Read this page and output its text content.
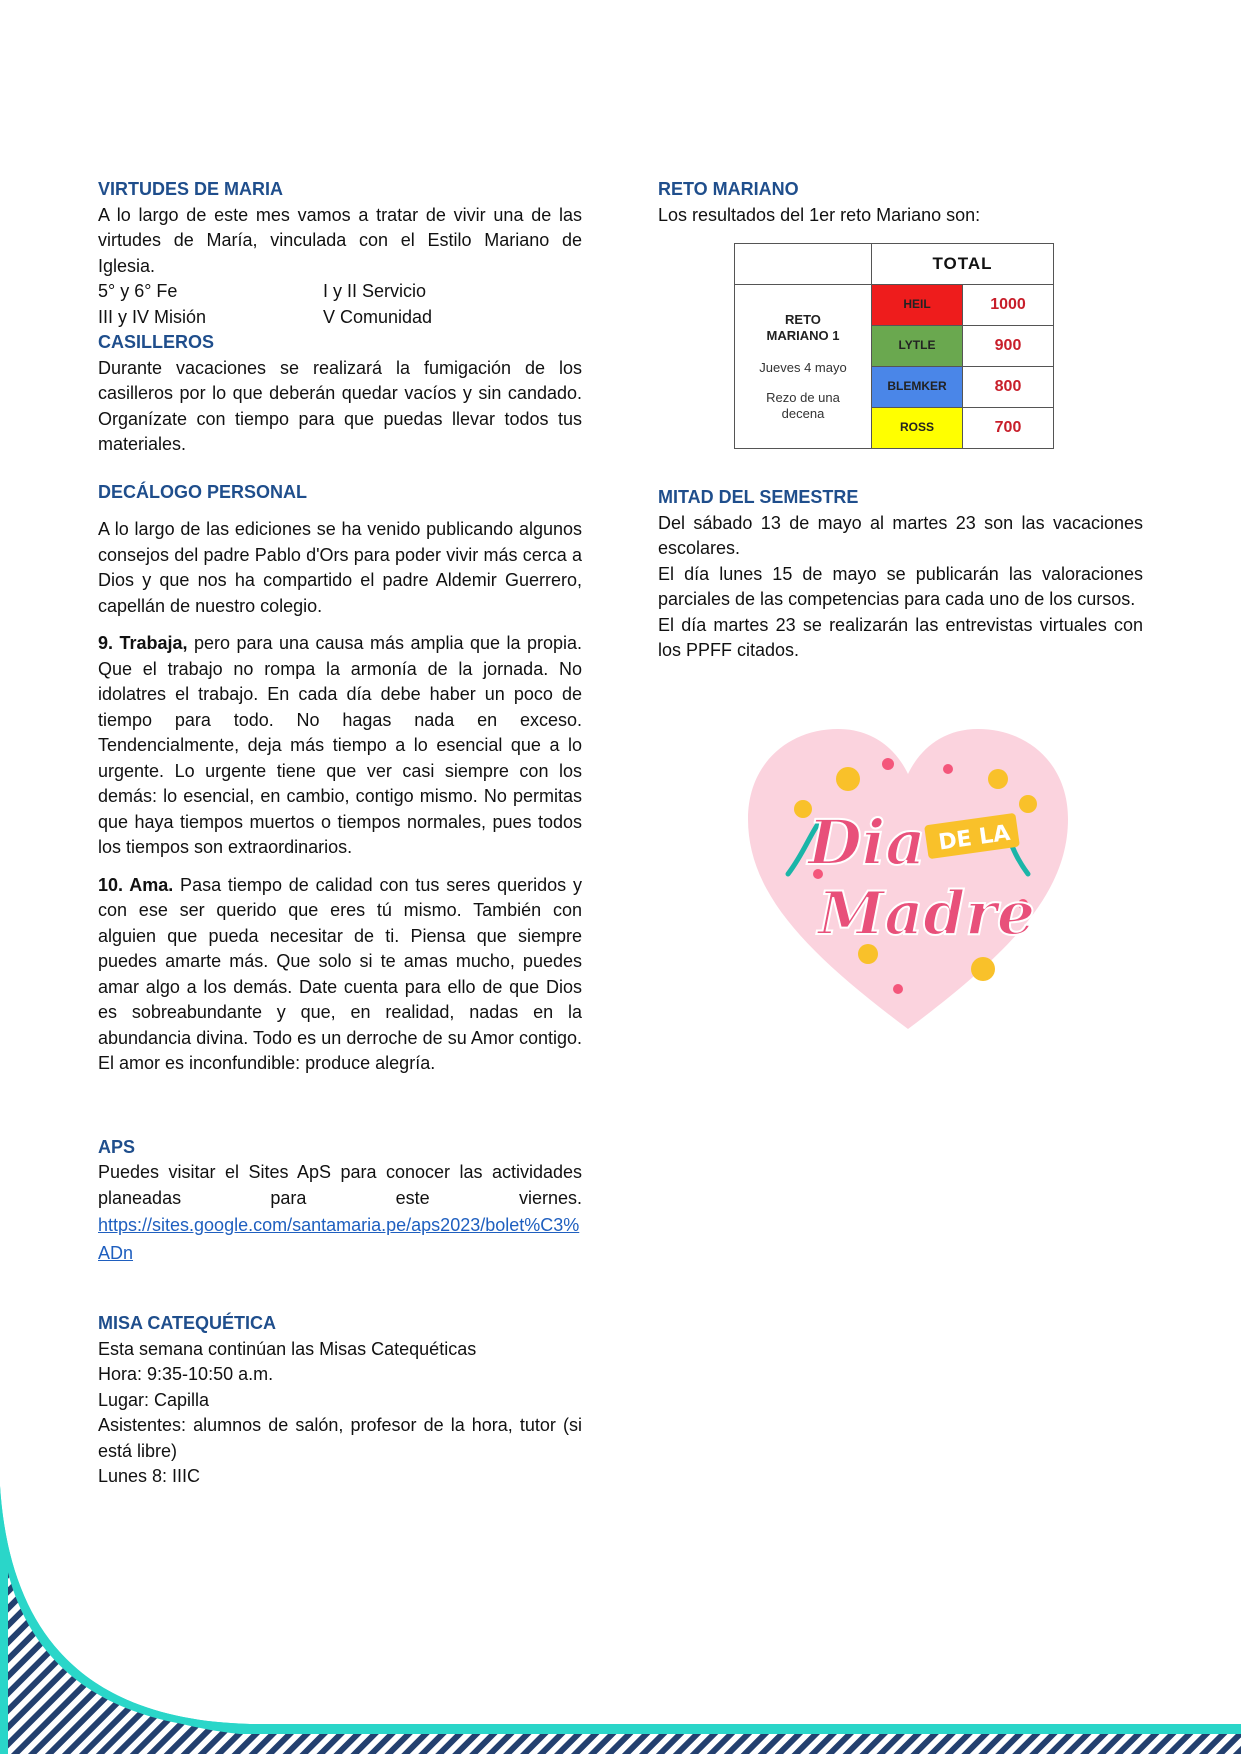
VIRTUDES DE MARIA

A lo largo de este mes vamos a tratar de vivir una de las virtudes de María, vinculada con el Estilo Mariano de Iglesia.

5° y 6° Fe	I y II Servicio
III y IV Misión	V Comunidad
CASILLEROS

Durante vacaciones se realizará la fumigación de los casilleros por lo que deberán quedar vacíos y sin candado. Organízate con tiempo para que puedas llevar todos tus materiales.

DECÁLOGO PERSONAL

A lo largo de las ediciones se ha venido publicando algunos consejos del padre Pablo d'Ors para poder vivir más cerca a Dios y que nos ha compartido el padre Aldemir Guerrero, capellán de nuestro colegio.

9. Trabaja, pero para una causa más amplia que la propia. Que el trabajo no rompa la armonía de la jornada. No idolatres el trabajo. En cada día debe haber un poco de tiempo para todo. No hagas nada en exceso. Tendencialmente, deja más tiempo a lo esencial que a lo urgente. Lo urgente tiene que ver casi siempre con los demás: lo esencial, en cambio, contigo mismo. No permitas que haya tiempos muertos o tiempos normales, pues todos los tiempos son extraordinarios.

10. Ama. Pasa tiempo de calidad con tus seres queridos y con ese ser querido que eres tú mismo. También con alguien que pueda necesitar de ti. Piensa que siempre puedes amarte más. Que solo si te amas mucho, puedes amar algo a los demás. Date cuenta para ello de que Dios es sobreabundante y que, en realidad, nadas en la abundancia divina. Todo es un derroche de su Amor contigo. El amor es inconfundible: produce alegría.

APS

Puedes visitar el Sites ApS para conocer las actividades planeadas para este viernes.

https://sites.google.com/santamaria.pe/aps2023/bolet%C3%ADn
MISA CATEQUÉTICA

Esta semana continúan las Misas Catequéticas

Hora: 9:35-10:50 a.m.

Lugar: Capilla

Asistentes: alumnos de salón, profesor de la hora, tutor (si está libre)

Lunes 8: IIIC

RETO MARIANO

Los resultados del 1er reto Mariano son:

	TOTAL	

RETO MARIANO 1
Jueves 4 mayo
Rezo de una decena	HEIL	1000
	LYTLE	900
	BLEMKER	800
	ROSS	700
MITAD DEL SEMESTRE

Del sábado 13 de mayo al martes 23 son las vacaciones escolares.

El día lunes 15 de mayo se publicarán las valoraciones parciales de las competencias para cada uno de los cursos.

El día martes 23 se realizarán las entrevistas virtuales con los PPFF citados.

Dia DE LA
Madre
